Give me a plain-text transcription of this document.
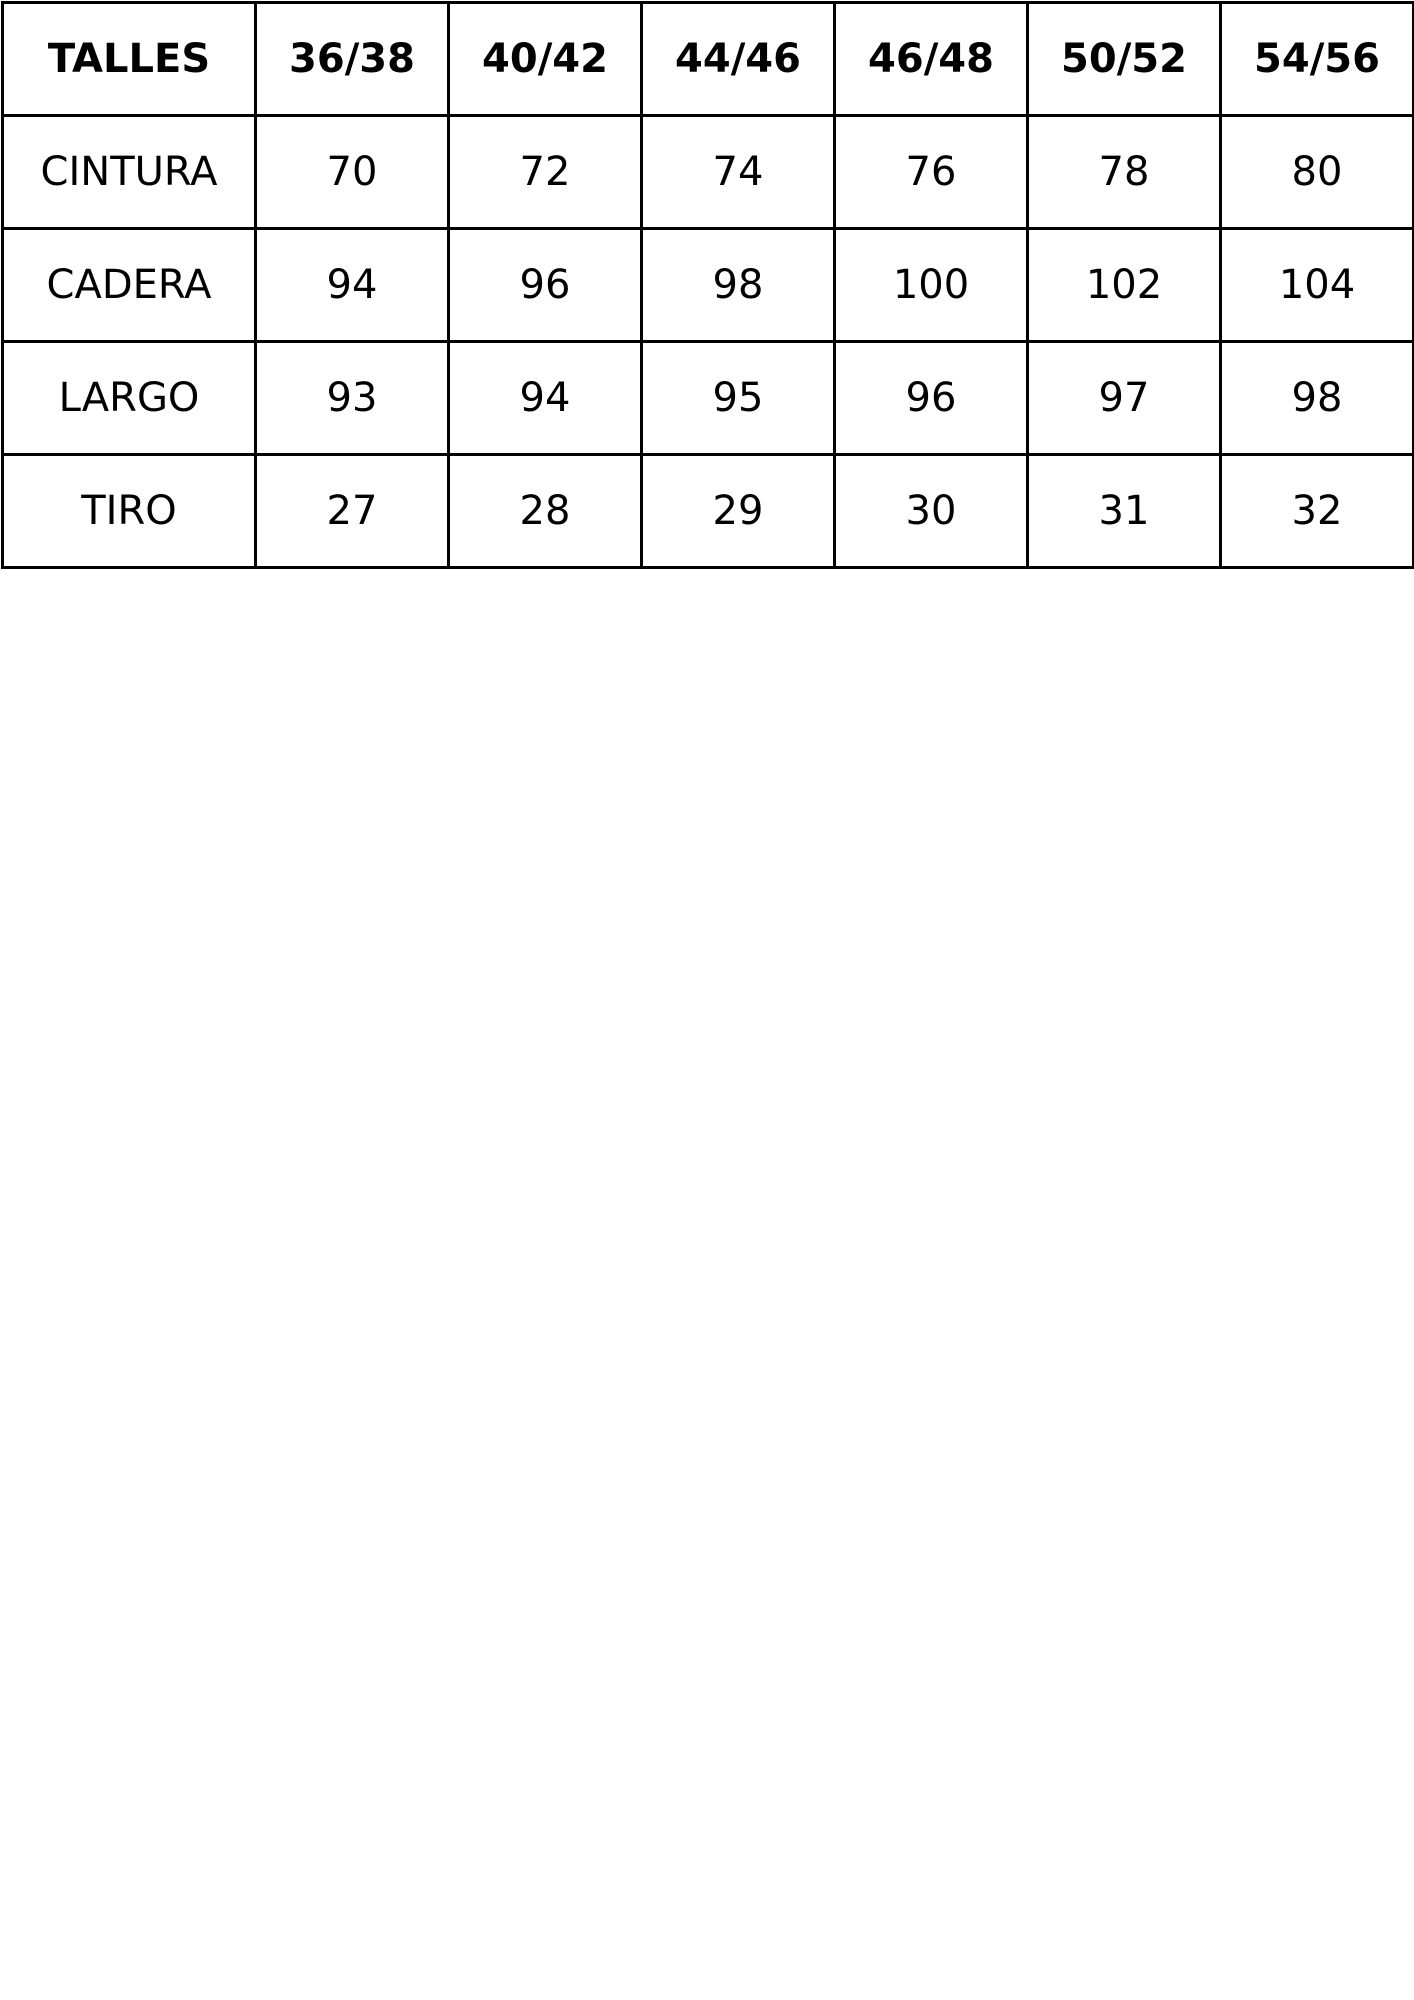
TALLES	36/38	40/42	44/46	46/48	50/52	54/56
CINTURA	70	72	74	76	78	80
CADERA	94	96	98	100	102	104
LARGO	93	94	95	96	97	98
TIRO	27	28	29	30	31	32
